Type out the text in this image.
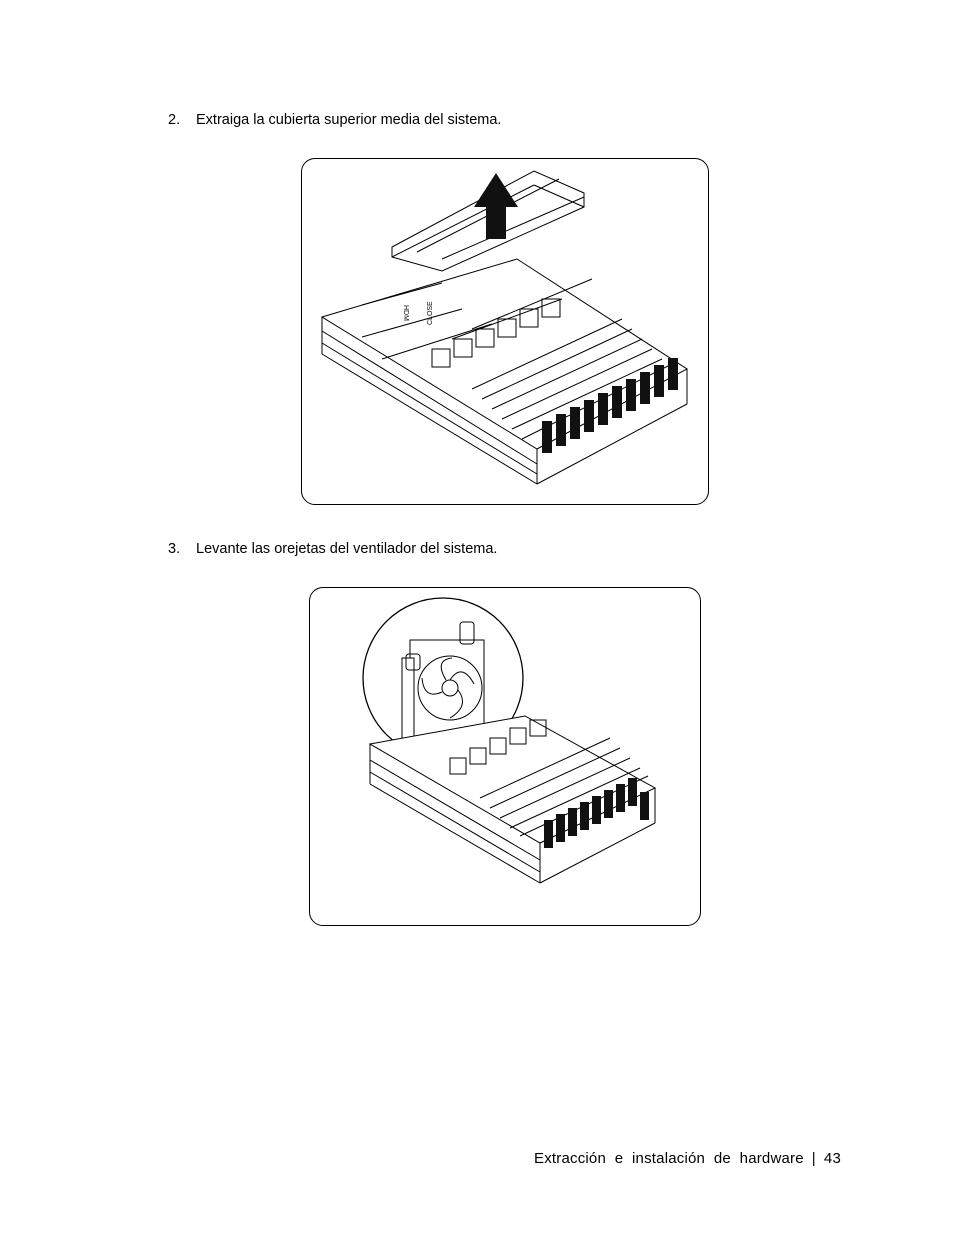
2. Extraiga la cubierta superior media del sistema.
HDM	CLOSE
3. Levante las orejetas del ventilador del sistema.
Extracción  e  instalación  de  hardware | 43
